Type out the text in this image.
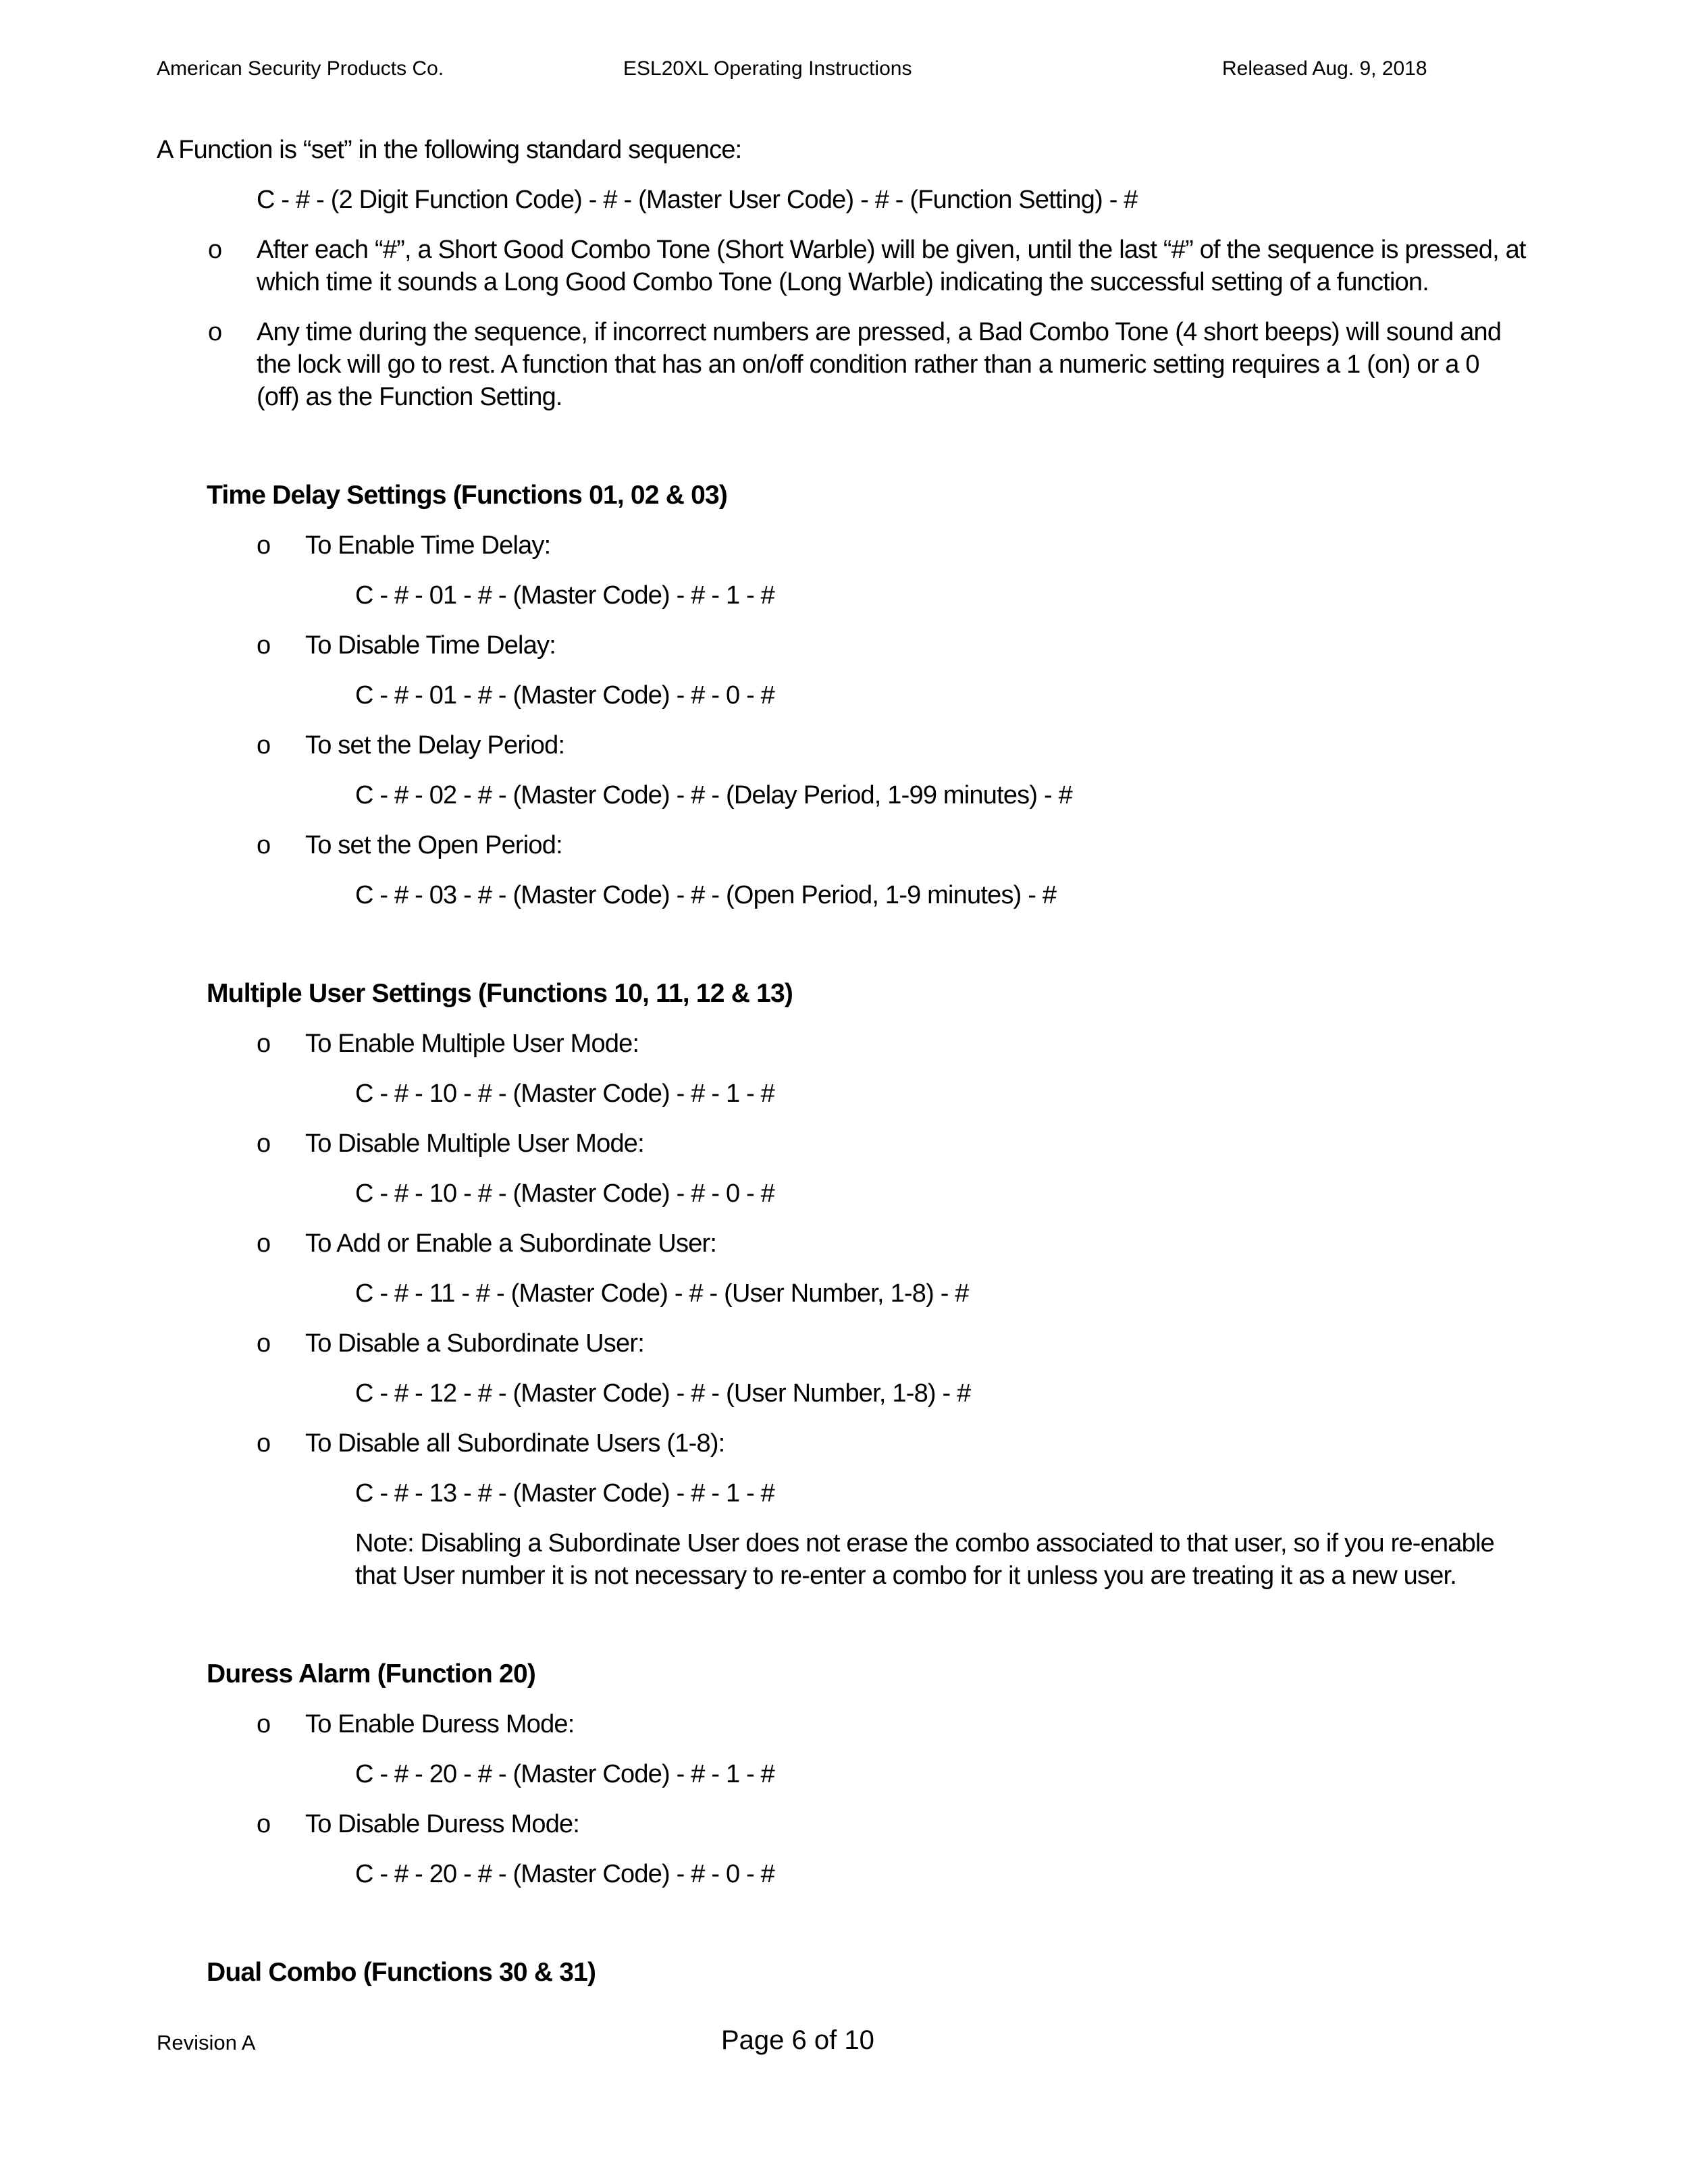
American Security Products Co.	ESL20XL Operating Instructions	Released Aug. 9, 2018

A Function is “set” in the following standard sequence:

C - # - (2 Digit Function Code) - # - (Master User Code) - # - (Function Setting) - #

o After each “#”, a Short Good Combo Tone (Short Warble) will be given, until the last “#” of the sequence is pressed, at which time it sounds a Long Good Combo Tone (Long Warble) indicating the successful setting of a function.
o Any time during the sequence, if incorrect numbers are pressed, a Bad Combo Tone (4 short beeps) will sound and the lock will go to rest. A function that has an on/off condition rather than a numeric setting requires a 1 (on) or a 0 (off) as the Function Setting.
Time Delay Settings (Functions 01, 02 & 03)
o To Enable Time Delay:
C - # - 01 - # - (Master Code) - # - 1 - #
o To Disable Time Delay:
C - # - 01 - # - (Master Code) - # - 0 - #
o To set the Delay Period:
C - # - 02 - # - (Master Code) - # - (Delay Period, 1-99 minutes) - #
o To set the Open Period:
C - # - 03 - # - (Master Code) - # - (Open Period, 1-9 minutes) - #
Multiple User Settings (Functions 10, 11, 12 & 13)
o To Enable Multiple User Mode:
C - # - 10 - # - (Master Code) - # - 1 - #
o To Disable Multiple User Mode:
C - # - 10 - # - (Master Code) - # - 0 - #
o To Add or Enable a Subordinate User:
C - # - 11 - # - (Master Code) - # - (User Number, 1-8) - #
o To Disable a Subordinate User:
C - # - 12 - # - (Master Code) - # - (User Number, 1-8) - #
o To Disable all Subordinate Users (1-8):
C - # - 13 - # - (Master Code) - # - 1 - #
Note: Disabling a Subordinate User does not erase the combo associated to that user, so if you re-enable that User number it is not necessary to re-enter a combo for it unless you are treating it as a new user.
Duress Alarm (Function 20)
o To Enable Duress Mode:
C - # - 20 - # - (Master Code) - # - 1 - #
o To Disable Duress Mode:
C - # - 20 - # - (Master Code) - # - 0 - #
Dual Combo (Functions 30 & 31)
Revision A	Page 6 of 10
